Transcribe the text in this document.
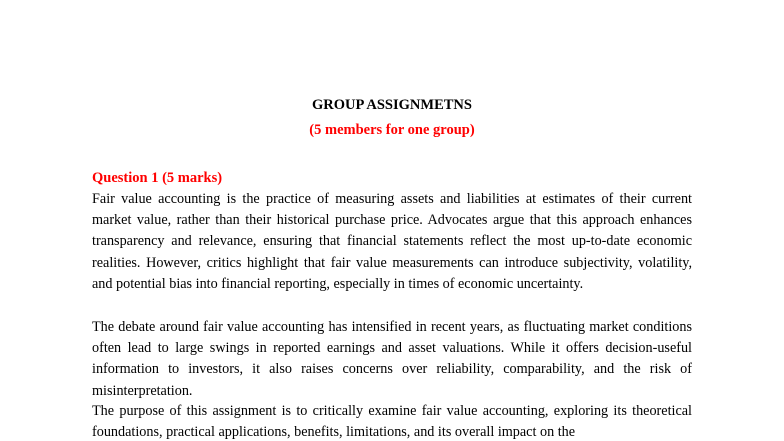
GROUP ASSIGNMETNS
(5 members for one group)
Question 1 (5 marks)

Fair value accounting is the practice of measuring assets and liabilities at estimates of their current market value, rather than their historical purchase price. Advocates argue that this approach enhances transparency and relevance, ensuring that financial statements reflect the most up-to-date economic realities. However, critics highlight that fair value measurements can introduce subjectivity, volatility, and potential bias into financial reporting, especially in times of economic uncertainty.

The debate around fair value accounting has intensified in recent years, as fluctuating market conditions often lead to large swings in reported earnings and asset valuations. While it offers decision-useful information to investors, it also raises concerns over reliability, comparability, and the risk of misinterpretation.

The purpose of this assignment is to critically examine fair value accounting, exploring its theoretical foundations, practical applications, benefits, limitations, and its overall impact on the
